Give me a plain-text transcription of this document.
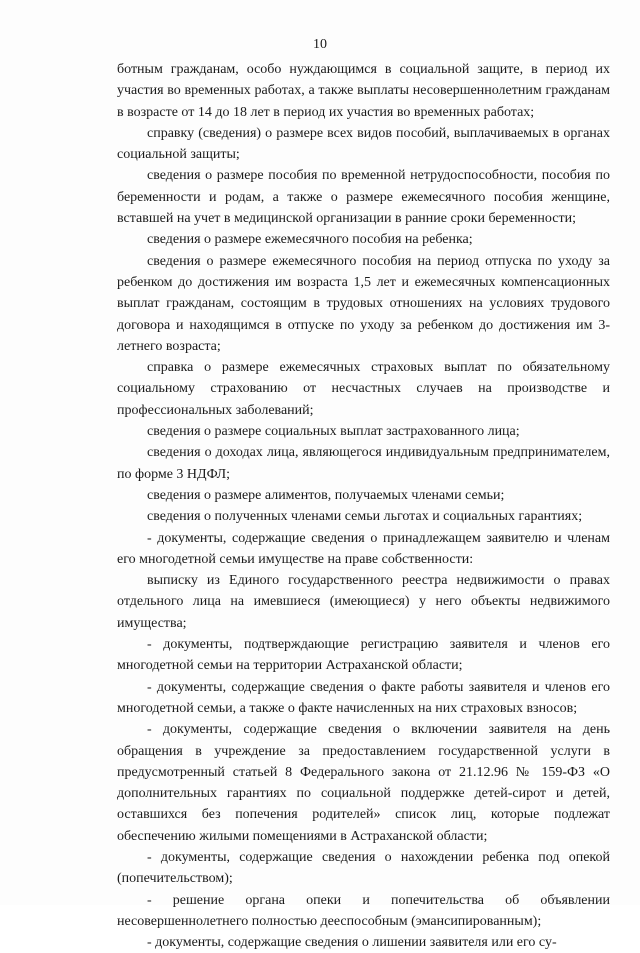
10

ботным гражданам, особо нуждающимся в социальной защите, в период их участия во временных работах, а также выплаты несовершеннолетним гражданам в возрасте от 14 до 18 лет в период их участия во временных работах;

справку (сведения) о размере всех видов пособий, выплачиваемых в органах социальной защиты;

сведения о размере пособия по временной нетрудоспособности, пособия по беременности и родам, а также о размере ежемесячного пособия женщине, вставшей на учет в медицинской организации в ранние сроки беременности;

сведения о размере ежемесячного пособия на ребенка;

сведения о размере ежемесячного пособия на период отпуска по уходу за ребенком до достижения им возраста 1,5 лет и ежемесячных компенсационных выплат гражданам, состоящим в трудовых отношениях на условиях трудового договора и находящимся в отпуске по уходу за ребенком до достижения им 3-летнего возраста;

справка о размере ежемесячных страховых выплат по обязательному социальному страхованию от несчастных случаев на производстве и профессиональных заболеваний;

сведения о размере социальных выплат застрахованного лица;

сведения о доходах лица, являющегося индивидуальным предпринимателем, по форме 3 НДФЛ;

сведения о размере алиментов, получаемых членами семьи;

сведения о полученных членами семьи льготах и социальных гарантиях;

- документы, содержащие сведения о принадлежащем заявителю и членам его многодетной семьи имуществе на праве собственности:

выписку из Единого государственного реестра недвижимости о правах отдельного лица на имевшиеся (имеющиеся) у него объекты недвижимого имущества;

- документы, подтверждающие регистрацию заявителя и членов его многодетной семьи на территории Астраханской области;

- документы, содержащие сведения о факте работы заявителя и членов его многодетной семьи, а также о факте начисленных на них страховых взносов;

- документы, содержащие сведения о включении заявителя на день обращения в учреждение за предоставлением государственной услуги в предусмотренный статьей 8 Федерального закона от 21.12.96 № 159-ФЗ «О дополнительных гарантиях по социальной поддержке детей-сирот и детей, оставшихся без попечения родителей» список лиц, которые подлежат обеспечению жилыми помещениями в Астраханской области;

- документы, содержащие сведения о нахождении ребенка под опекой (попечительством);

- решение органа опеки и попечительства об объявлении несовершеннолетнего полностью дееспособным (эмансипированным);

- документы, содержащие сведения о лишении заявителя или его су-
